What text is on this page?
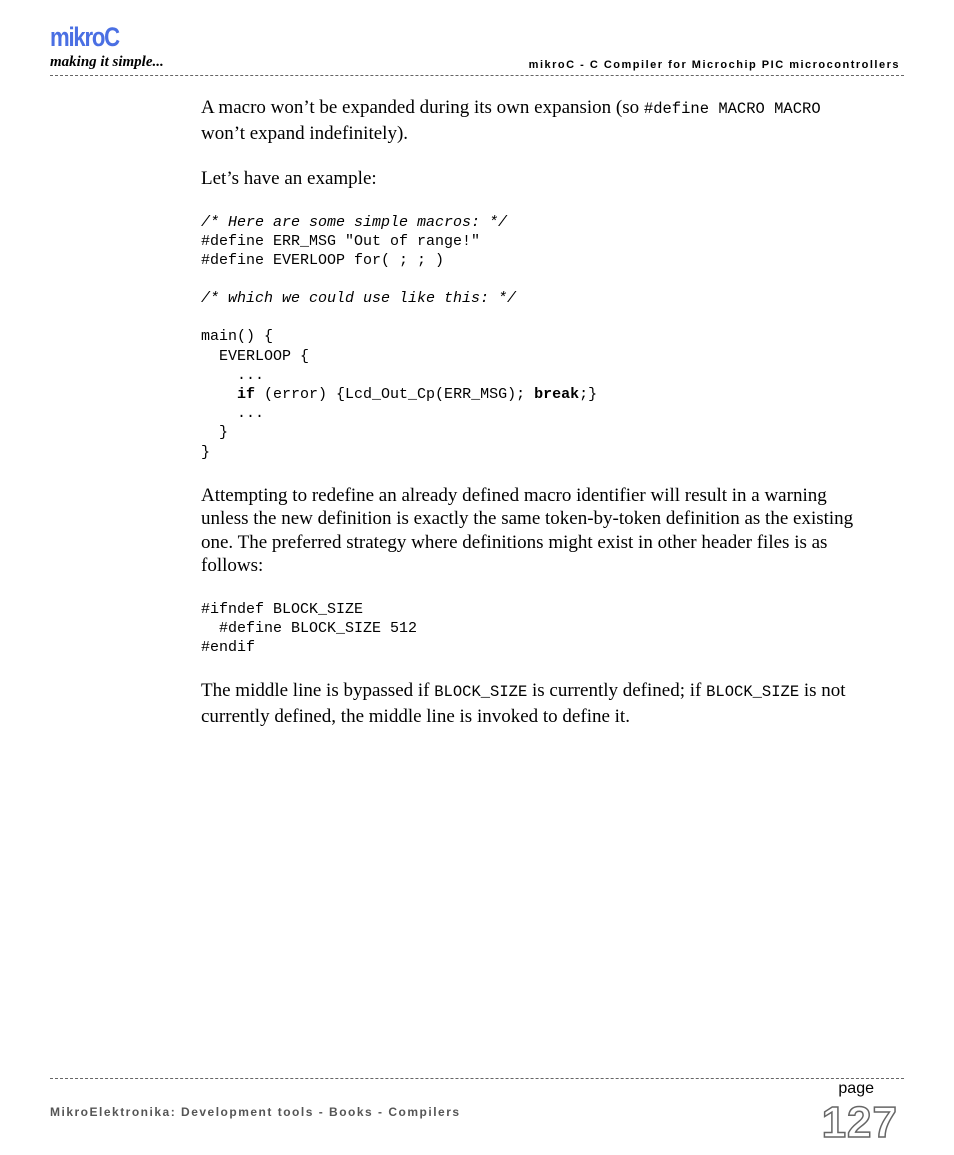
mikroC
making it simple...	mikroC - C Compiler for Microchip PIC microcontrollers

A macro won’t be expanded during its own expansion (so #define MACRO MACRO won’t expand indefinitely).

Let’s have an example:

/* Here are some simple macros: */
#define ERR_MSG "Out of range!"
#define EVERLOOP for( ; ; )
/* which we could use like this: */
main() {
EVERLOOP {
...
if (error) {Lcd_Out_Cp(ERR_MSG); break;}
...
}
}

Attempting to redefine an already defined macro identifier will result in a warning unless the new definition is exactly the same token-by-token definition as the existing one. The preferred strategy where definitions might exist in other header files is as follows:

#ifndef BLOCK_SIZE
#define BLOCK_SIZE 512
#endif

The middle line is bypassed if BLOCK_SIZE is currently defined; if BLOCK_SIZE is not currently defined, the middle line is invoked to define it.

MikroElektronika: Development tools - Books - Compilers
page
127
